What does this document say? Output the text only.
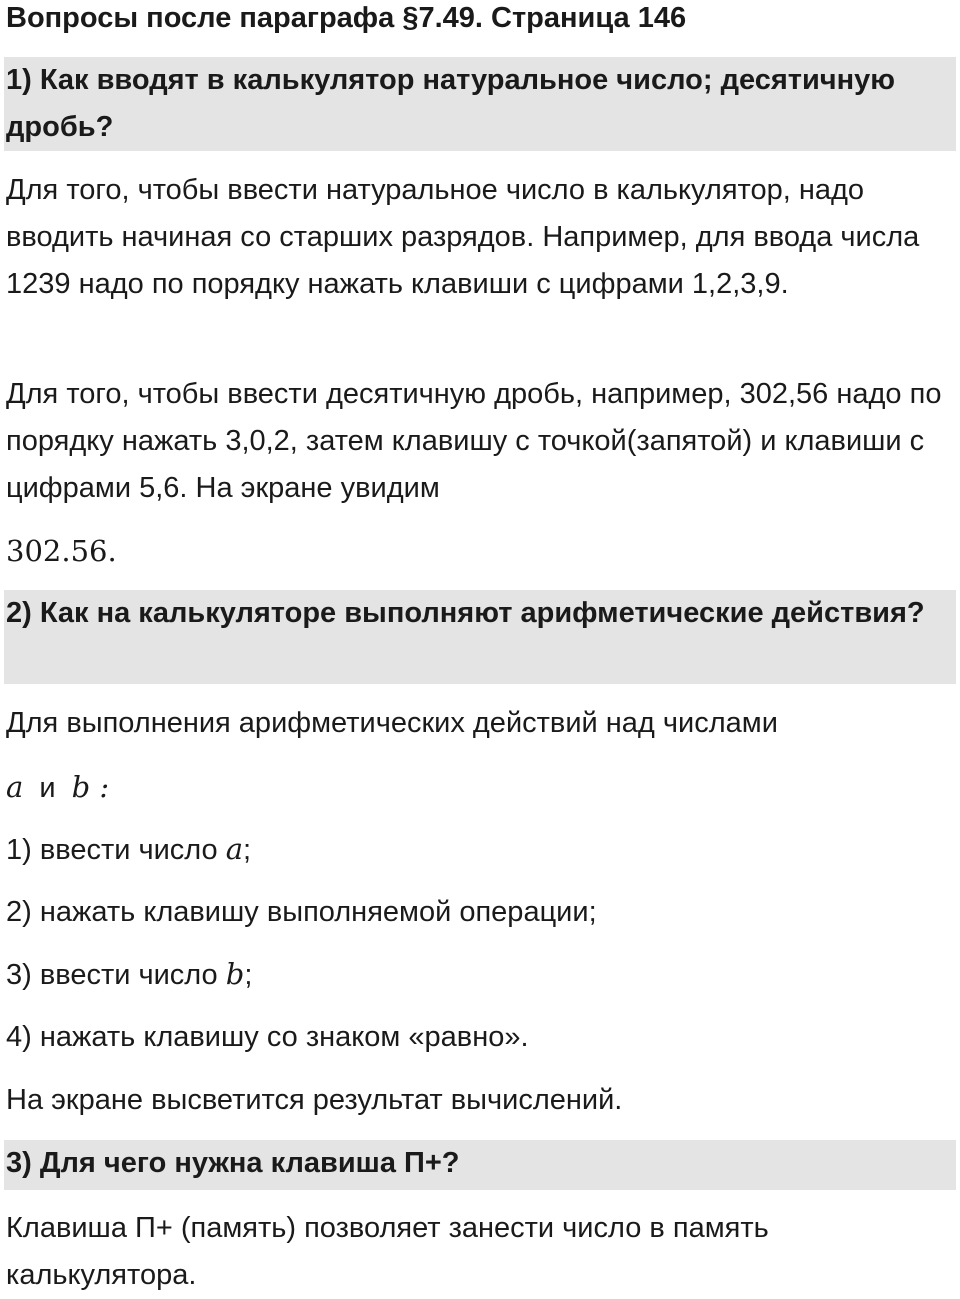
Вопросы после параграфа §7.49. Страница 146
1) Как вводят в калькулятор натуральное число; десятичную дробь?

Для того, чтобы ввести натуральное число в калькулятор, надо вводить начиная со старших разрядов. Например, для ввода числа 1239 надо по порядку нажать клавиши с цифрами 1,2,3,9.

Для того, чтобы ввести десятичную дробь, например, 302,56 надо по порядку нажать 3,0,2, затем клавишу с точкой(запятой) и клавиши с цифрами 5,6. На экране увидим

302.56.
2) Как на калькуляторе выполняют арифметические действия?

Для выполнения арифметических действий над числами

a и b :
1) ввести число a;
2) нажать клавишу выполняемой операции;
3) ввести число b;
4) нажать клавишу со знаком «равно».
На экране высветится результат вычислений.
3) Для чего нужна клавиша П+?

Клавиша П+ (память) позволяет занести число в память калькулятора.
